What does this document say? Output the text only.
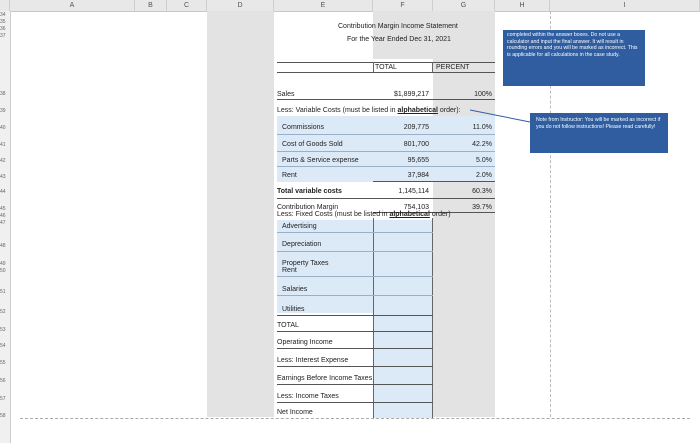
A	B	C	D	E	F	G	H	I
34
35
36
37
38
39
40
41
42
43
44
45
46
47
48
49
50
51
52
53
54
55
56
57
58
Contribution Margin Income Statement
For the Year Ended Dec 31, 2021
TOTAL	PERCENT
Sales	$1,899,217	100%
Less: Variable Costs (must be listed in alphabetical order):
Commissions	209,775	11.0%
Cost of Goods Sold	801,700	42.2%
Parts & Service expense	95,655	5.0%
Rent	37,984	2.0%
Total variable costs	1,145,114	60.3%
Contribution Margin	754,103	39.7%
Less: Fixed Costs (must be listed in alphabetical order)
Advertising
Depreciation
Property Taxes
Rent
Salaries
Utilities
TOTAL
Operating Income
Less: Interest Expense
Earnings Before Income Taxes
Less: Income Taxes
Net Income
completed within the answer boxes. Do not use a calculator and input the final answer. It will result in rounding errors and you will be marked as incorrect. This is applicable for all calculations in the case study.
Note from Instructor: You will be marked as incorrect if you do not follow instructions! Please read carefully!
